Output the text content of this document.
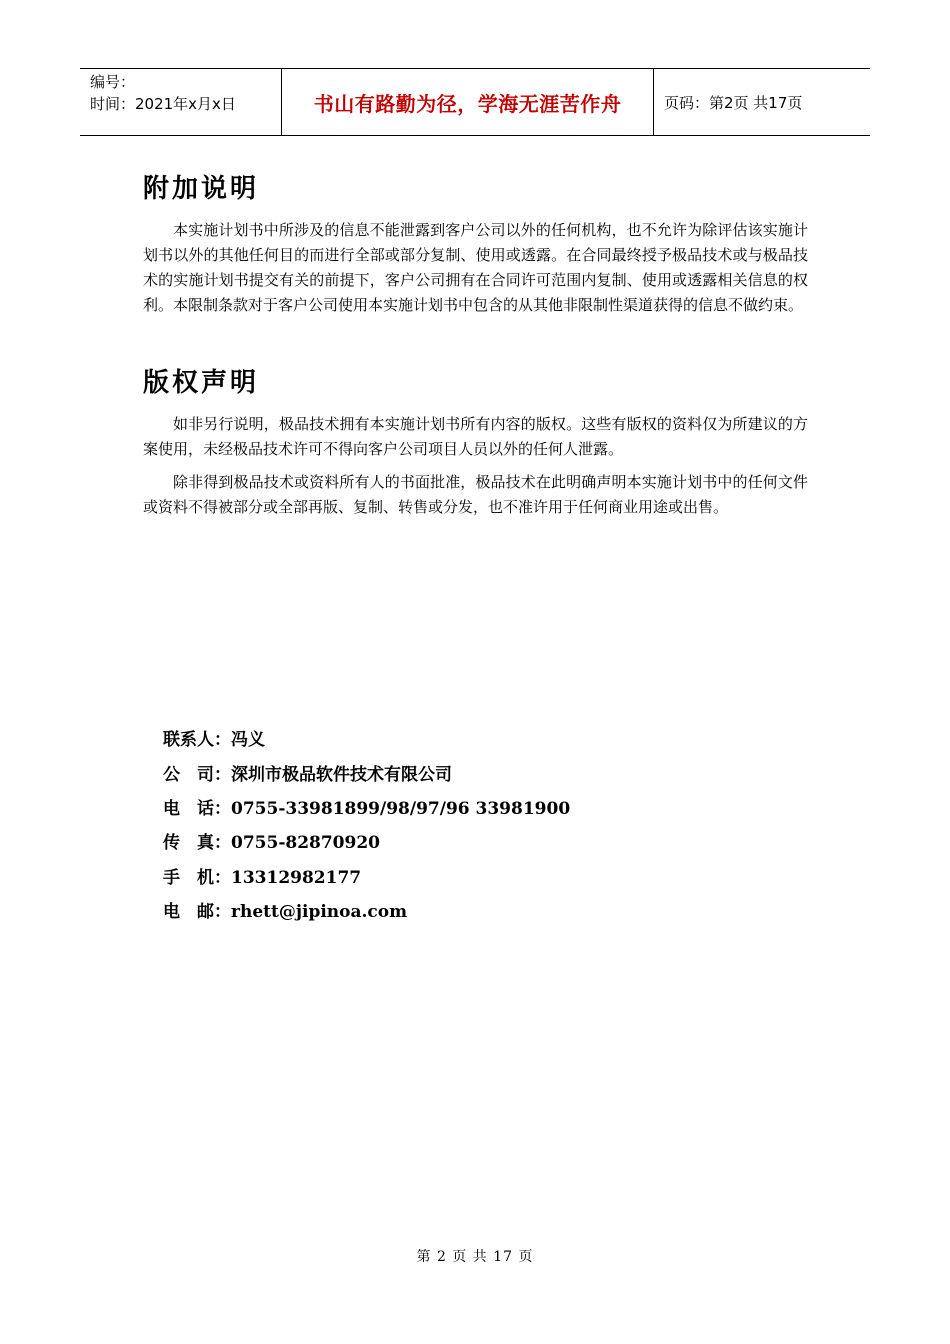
编号：
时间：2021年x月x日	书山有路勤为径，学海无涯苦作舟	页码：第2页 共17页
附加说明

本实施计划书中所涉及的信息不能泄露到客户公司以外的任何机构，也不允许为除评估该实施计划书以外的其他任何目的而进行全部或部分复制、使用或透露。在合同最终授予极品技术或与极品技术的实施计划书提交有关的前提下，客户公司拥有在合同许可范围内复制、使用或透露相关信息的权利。本限制条款对于客户公司使用本实施计划书中包含的从其他非限制性渠道获得的信息不做约束。

版权声明

如非另行说明，极品技术拥有本实施计划书所有内容的版权。这些有版权的资料仅为所建议的方案使用，未经极品技术许可不得向客户公司项目人员以外的任何人泄露。

除非得到极品技术或资料所有人的书面批准，极品技术在此明确声明本实施计划书中的任何文件或资料不得被部分或全部再版、复制、转售或分发，也不准许用于任何商业用途或出售。

联系人：冯义
公　司：深圳市极品软件技术有限公司
电　话：0755-33981899/98/97/96 33981900
传　真：0755-82870920
手　机：13312982177
电　邮：rhett@jipinoa.com
第 2 页 共 17 页
